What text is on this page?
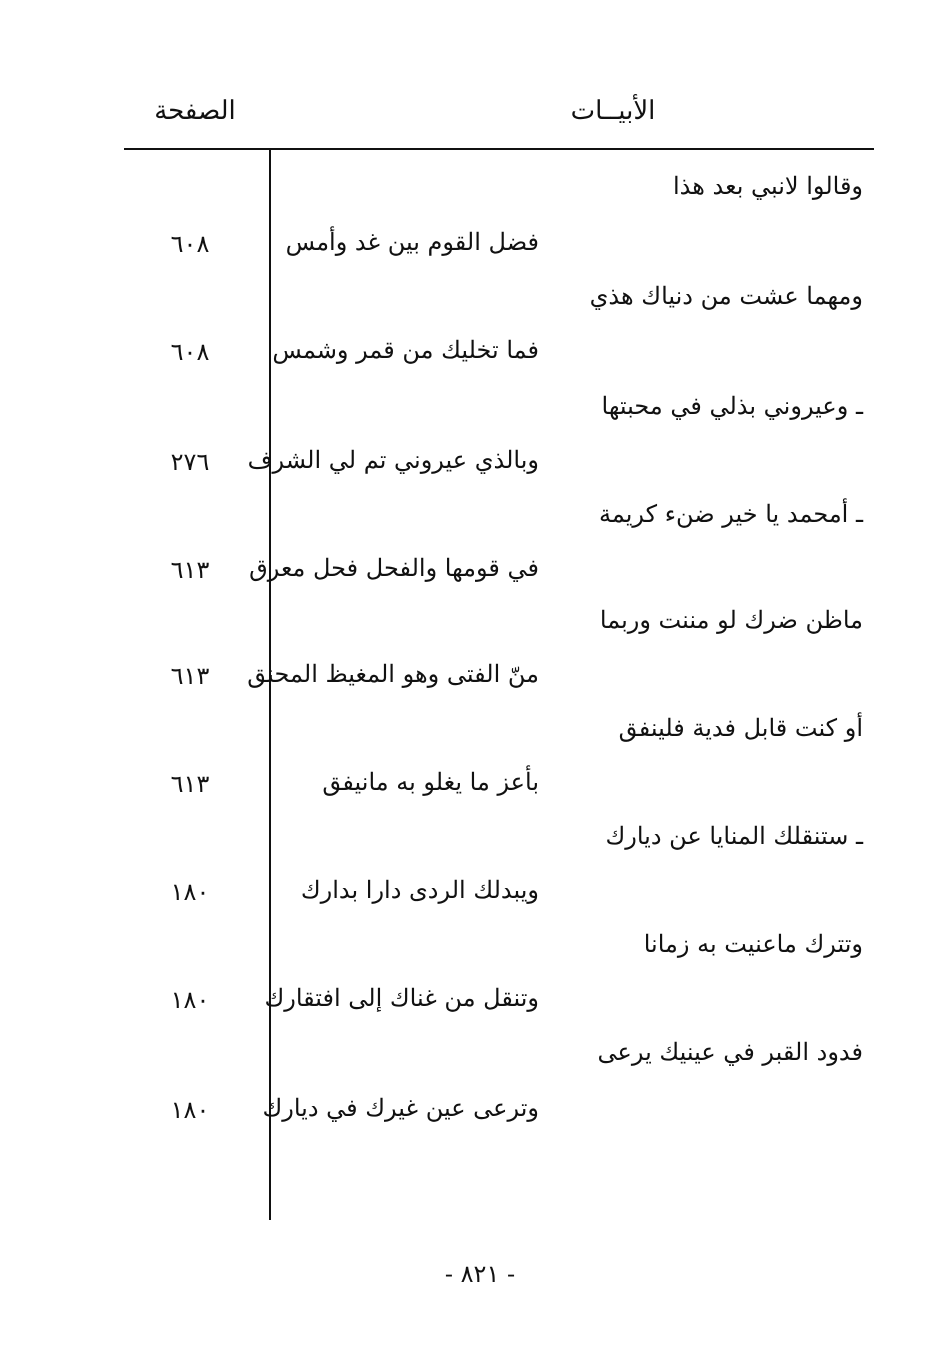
الأبيــات
الصفحة
وقالوا لانبي بعد هذا
فضل القوم بين غد وأمس
٦٠٨
ومهما عشت من دنياك هذي
فما تخليك من قمر وشمس
٦٠٨
ـ وعيروني بذلي في محبتها
وبالذي عيروني تم لي الشرف
٢٧٦
ـ أمحمد يا خير ضنء كريمة
في قومها والفحل فحل معرق
٦١٣
ماظن ضرك لو مننت وربما
منّ الفتى وهو المغيظ المحنق
٦١٣
أو كنت قابل فدية فلينفق
بأعز ما يغلو به مانيفق
٦١٣
ـ ستنقلك المنايا عن ديارك
ويبدلك الردى دارا بدارك
١٨٠
وتترك ماعنيت به زمانا
وتنقل من غناك إلى افتقارك
١٨٠
فدود القبر في عينيك يرعى
وترعى عين غيرك في ديارك
١٨٠
- ٨٢١ -
